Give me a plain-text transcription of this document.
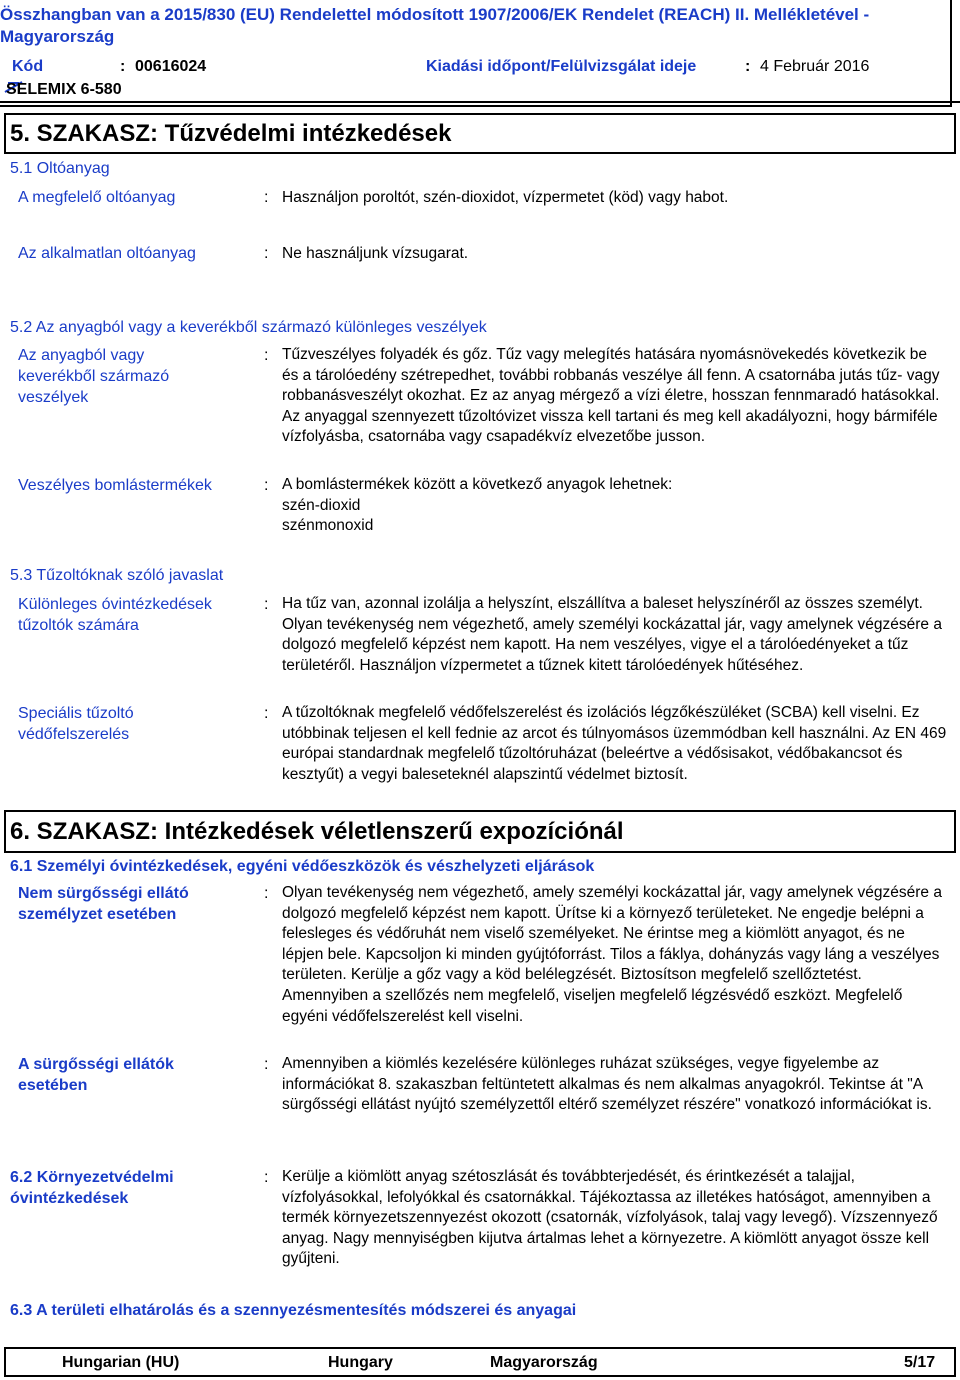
Összhangban van a 2015/830 (EU) Rendelettel módosított 1907/2006/EK Rendelet (REACH) II. Mellékletével - Magyarország
Kód	: 00616024	Kiadási időpont/Felülvizsgálat ideje	: 4 Február 2016
SELEMIX 6-580
5. SZAKASZ: Tűzvédelmi intézkedések
5.1 Oltóanyag
A megfelelő oltóanyag	: Használjon poroltót, szén-dioxidot, vízpermetet (köd) vagy habot.
Az alkalmatlan oltóanyag	: Ne használjunk vízsugarat.
5.2 Az anyagból vagy a keverékből származó különleges veszélyek
Az anyagból vagy keverékből származó veszélyek
: Tűzveszélyes folyadék és gőz. Tűz vagy melegítés hatására nyomásnövekedés következik be és a tárolóedény szétrepedhet, további robbanás veszélye áll fenn. A csatornába jutás tűz- vagy robbanásveszélyt okozhat. Ez az anyag mérgező a vízi életre, hosszan fennmaradó hatásokkal. Az anyaggal szennyezett tűzoltóvizet vissza kell tartani és meg kell akadályozni, hogy bármiféle vízfolyásba, csatornába vagy csapadékvíz elvezetőbe jusson.
Veszélyes bomlástermékek	: A bomlástermékek között a következő anyagok lehetnek:
szén-dioxid
szénmonoxid
5.3 Tűzoltóknak szóló javaslat
Különleges óvintézkedések tűzoltók számára
: Ha tűz van, azonnal izolálja a helyszínt, elszállítva a baleset helyszínéről az összes személyt. Olyan tevékenység nem végezhető, amely személyi kockázattal jár, vagy amelynek végzésére a dolgozó megfelelő képzést nem kapott. Ha nem veszélyes, vigye el a tárolóedényeket a tűz területéről. Használjon vízpermetet a tűznek kitett tárolóedények hűtéséhez.
Speciális tűzoltó védőfelszerelés
: A tűzoltóknak megfelelő védőfelszerelést és izolációs légzőkészüléket (SCBA) kell viselni. Ez utóbbinak teljesen el kell fednie az arcot és túlnyomásos üzemmódban kell használni. Az EN 469 európai standardnak megfelelő tűzoltóruházat (beleértve a védősisakot, védőbakancsot és kesztyűt) a vegyi baleseteknél alapszintű védelmet biztosít.
6. SZAKASZ: Intézkedések véletlenszerű expozíciónál
6.1 Személyi óvintézkedések, egyéni védőeszközök és vészhelyzeti eljárások
Nem sürgősségi ellátó személyzet esetében
: Olyan tevékenység nem végezhető, amely személyi kockázattal jár, vagy amelynek végzésére a dolgozó megfelelő képzést nem kapott. Ürítse ki a környező területeket. Ne engedje belépni a felesleges és védőruhát nem viselő személyeket. Ne érintse meg a kiömlött anyagot, és ne lépjen bele. Kapcsoljon ki minden gyújtóforrást. Tilos a fáklya, dohányzás vagy láng a veszélyes területen. Kerülje a gőz vagy a köd belélegzését. Biztosítson megfelelő szellőztetést. Amennyiben a szellőzés nem megfelelő, viseljen megfelelő légzésvédő eszközt. Megfelelő egyéni védőfelszerelést kell viselni.
A sürgősségi ellátók esetében
: Amennyiben a kiömlés kezelésére különleges ruházat szükséges, vegye figyelembe az információkat 8. szakaszban feltüntetett alkalmas és nem alkalmas anyagokról. Tekintse át "A sürgősségi ellátást nyújtó személyzettől eltérő személyzet részére" vonatkozó információkat is.
6.2 Környezetvédelmi óvintézkedések
: Kerülje a kiömlött anyag szétoszlását és továbbterjedését, és érintkezését a talajjal, vízfolyásokkal, lefolyókkal és csatornákkal. Tájékoztassa az illetékes hatóságot, amennyiben a termék környezetszennyezést okozott (csatornák, vízfolyások, talaj vagy levegő). Vízszennyező anyag. Nagy mennyiségben kijutva ártalmas lehet a környezetre. A kiömlött anyagot össze kell gyűjteni.
6.3 A területi elhatárolás és a szennyezésmentesítés módszerei és anyagai
Hungarian (HU)	Hungary	Magyarország	5/17
